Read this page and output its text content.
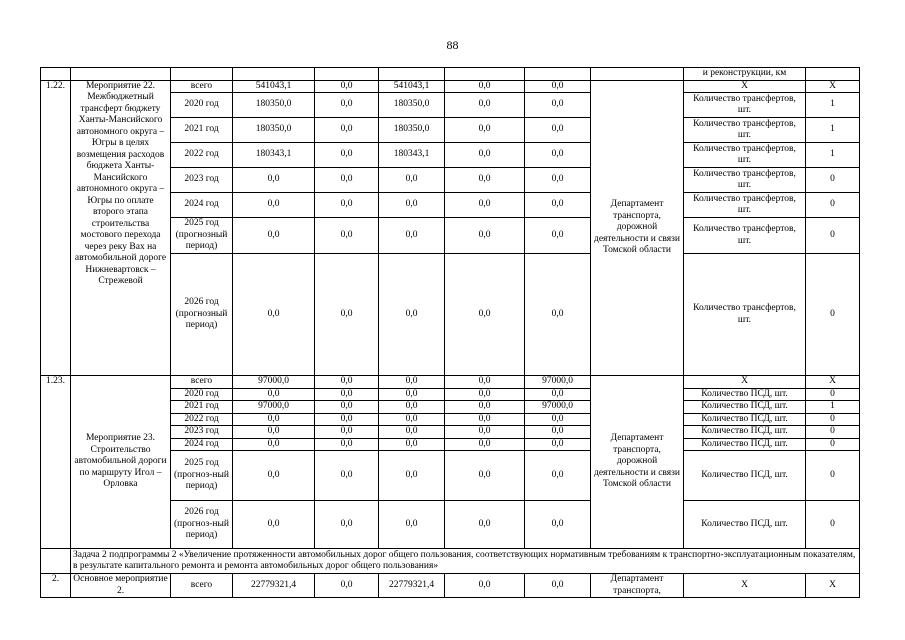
88
									и реконструкции, км	
1.22.	Мероприятие 22. Межбюджетный трансферт бюджету Ханты-Мансийского автономного округа – Югры в целях возмещения расходов бюджета Ханты-Мансийского автономного округа – Югры по оплате второго этапа строительства мостового перехода через реку Вах на автомобильной дороге Нижневартовск – Стрежевой	всего	541043,1	0,0	541043,1	0,0	0,0	Департамент транспорта, дорожной деятельности и связи Томской области	Х	Х
		2020 год	180350,0	0,0	180350,0	0,0	0,0		Количество трансфертов, шт.	1
		2021 год	180350,0	0,0	180350,0	0,0	0,0		Количество трансфертов, шт.	1
		2022 год	180343,1	0,0	180343,1	0,0	0,0		Количество трансфертов, шт.	1
		2023 год	0,0	0,0	0,0	0,0	0,0		Количество трансфертов, шт.	0
		2024 год	0,0	0,0	0,0	0,0	0,0		Количество трансфертов, шт.	0
		2025 год (прогнозный период)	0,0	0,0	0,0	0,0	0,0		Количество трансфертов, шт.	0
		2026 год (прогнозный период)	0,0	0,0	0,0	0,0	0,0		Количество трансфертов, шт.	0
1.23.	Мероприятие 23. Строительство автомобильной дороги по маршруту Игол – Орловка	всего	97000,0	0,0	0,0	0,0	97000,0	Департамент транспорта, дорожной деятельности и связи Томской области	Х	Х
		2020 год	0,0	0,0	0,0	0,0	0,0		Количество ПСД, шт.	0
		2021 год	97000,0	0,0	0,0	0,0	97000,0		Количество ПСД, шт.	1
		2022 год	0,0	0,0	0,0	0,0	0,0		Количество ПСД, шт.	0
		2023 год	0,0	0,0	0,0	0,0	0,0		Количество ПСД, шт.	0
		2024 год	0,0	0,0	0,0	0,0	0,0		Количество ПСД, шт.	0
		2025 год (прогноз-ный период)	0,0	0,0	0,0	0,0	0,0		Количество ПСД, шт.	0
		2026 год (прогноз-ный период)	0,0	0,0	0,0	0,0	0,0		Количество ПСД, шт.	0
	Задача 2 подпрограммы 2 «Увеличение протяженности автомобильных дорог общего пользования, соответствующих нормативным требованиям к транспортно-эксплуатационным показателям, в результате капитального ремонта и ремонта автомобильных дорог общего пользования»									
2.	Основное мероприятие 2.	всего	22779321,4	0,0	22779321,4	0,0	0,0	Департамент транспорта,	Х	Х
